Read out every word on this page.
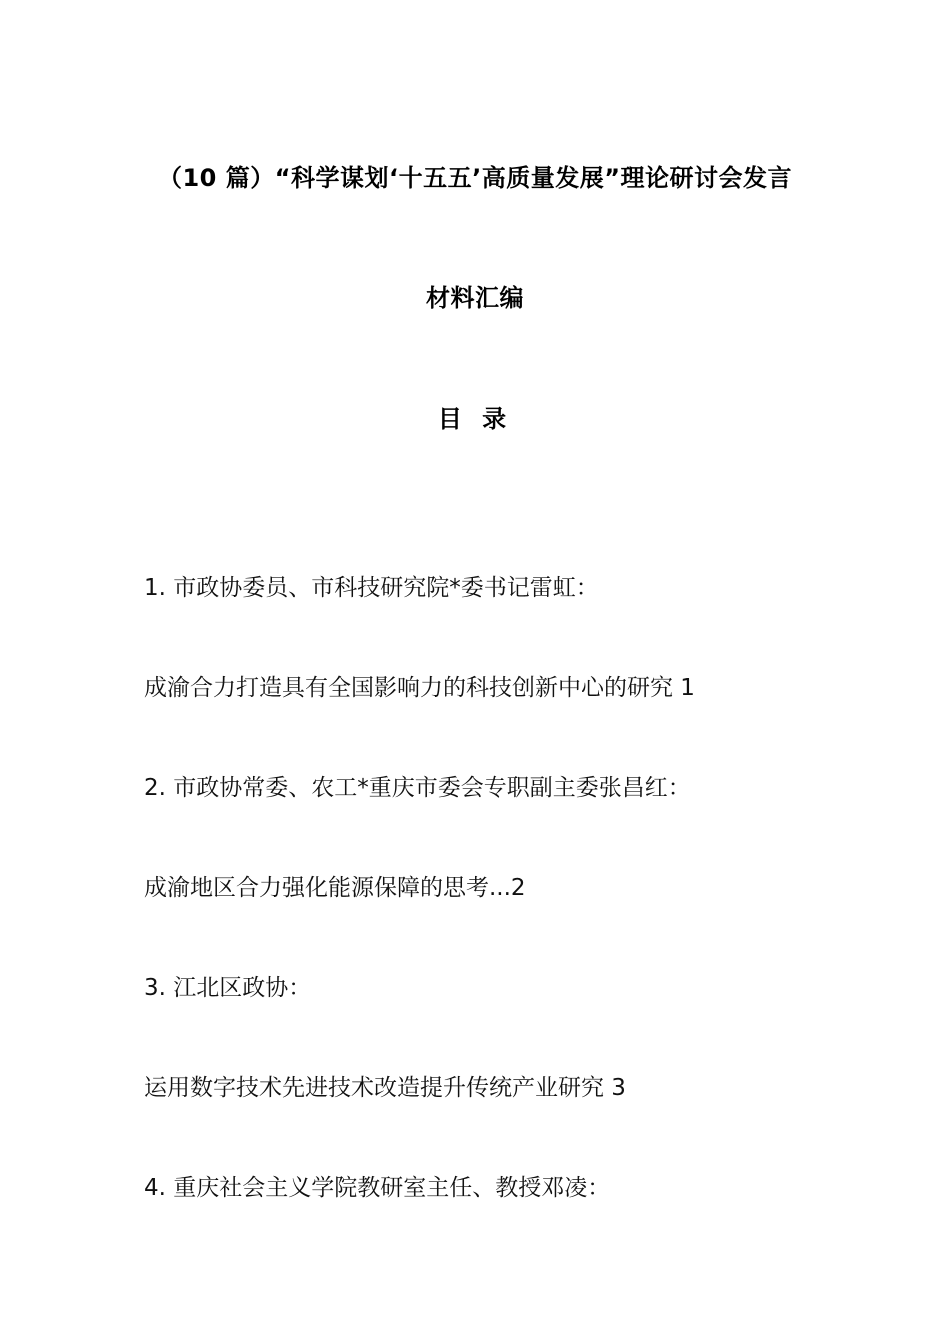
（10 篇）“科学谋划‘十五五’高质量发展”理论研讨会发言
材料汇编
目 录
1. 市政协委员、市科技研究院*委书记雷虹：
成渝合力打造具有全国影响力的科技创新中心的研究 1
2. 市政协常委、农工*重庆市委会专职副主委张昌红：
成渝地区合力强化能源保障的思考...2
3. 江北区政协：
运用数字技术先进技术改造提升传统产业研究 3
4. 重庆社会主义学院教研室主任、教授邓凌：
